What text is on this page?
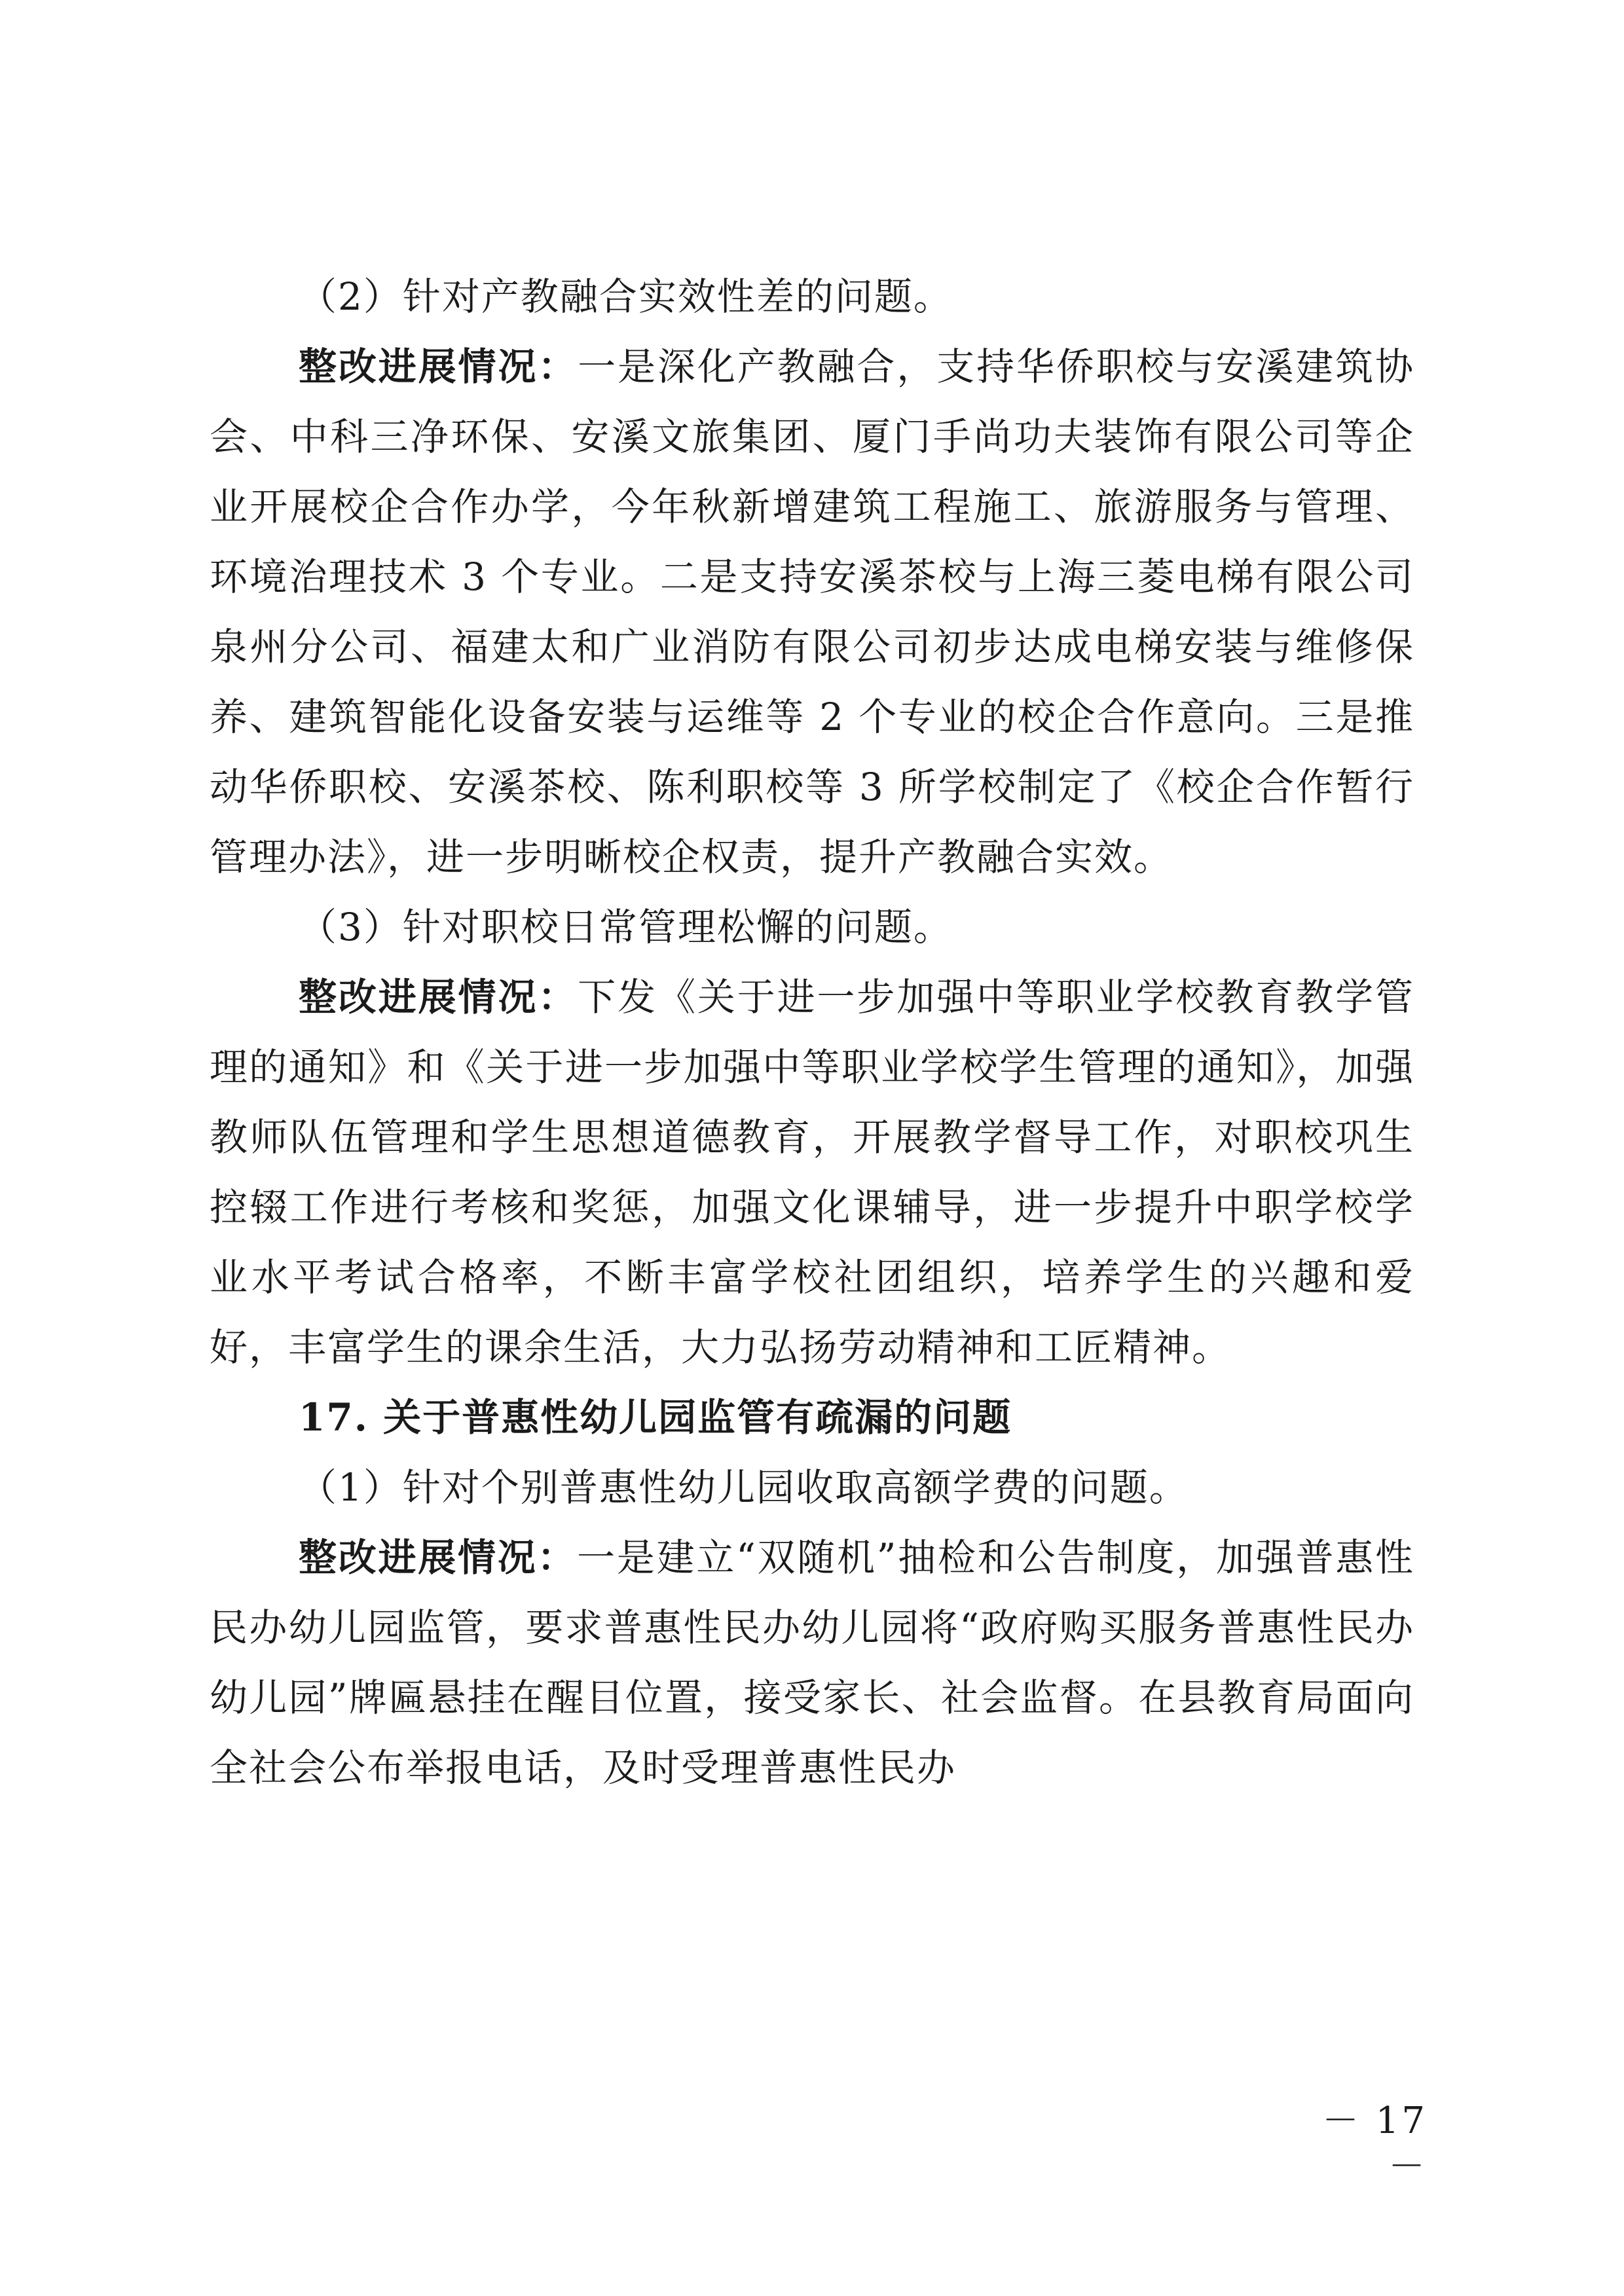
（2）针对产教融合实效性差的问题。

整改进展情况：一是深化产教融合，支持华侨职校与安溪建筑协会、中科三净环保、安溪文旅集团、厦门手尚功夫装饰有限公司等企业开展校企合作办学，今年秋新增建筑工程施工、旅游服务与管理、环境治理技术 3 个专业。二是支持安溪茶校与上海三菱电梯有限公司泉州分公司、福建太和广业消防有限公司初步达成电梯安装与维修保养、建筑智能化设备安装与运维等 2 个专业的校企合作意向。三是推动华侨职校、安溪茶校、陈利职校等 3 所学校制定了《校企合作暂行管理办法》，进一步明晰校企权责，提升产教融合实效。

（3）针对职校日常管理松懈的问题。

整改进展情况：下发《关于进一步加强中等职业学校教育教学管理的通知》和《关于进一步加强中等职业学校学生管理的通知》，加强教师队伍管理和学生思想道德教育，开展教学督导工作，对职校巩生控辍工作进行考核和奖惩，加强文化课辅导，进一步提升中职学校学业水平考试合格率，不断丰富学校社团组织，培养学生的兴趣和爱好，丰富学生的课余生活，大力弘扬劳动精神和工匠精神。

17. 关于普惠性幼儿园监管有疏漏的问题

（1）针对个别普惠性幼儿园收取高额学费的问题。

整改进展情况：一是建立“双随机”抽检和公告制度，加强普惠性民办幼儿园监管，要求普惠性民办幼儿园将“政府购买服务普惠性民办幼儿园”牌匾悬挂在醒目位置，接受家长、社会监督。在县教育局面向全社会公布举报电话，及时受理普惠性民办

－ 17 －
